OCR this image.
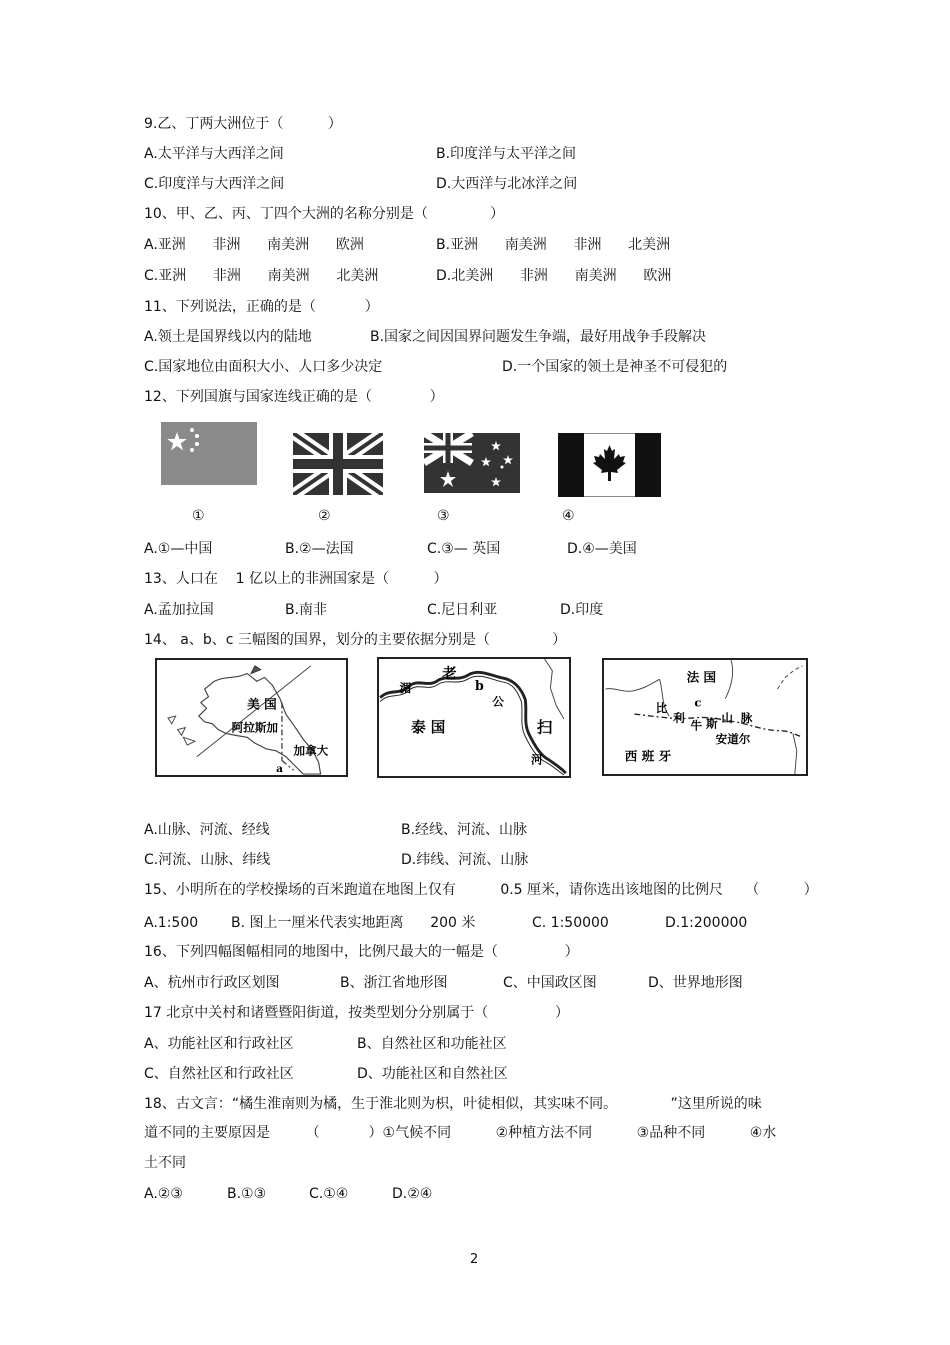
9.乙、丁两大洲位于（          ）
A.太平洋与大西洋之间	B.印度洋与太平洋之间
C.印度洋与大西洋之间	D.大西洋与北冰洋之间
10、甲、乙、丙、丁四个大洲的名称分别是（              ）
A.亚洲      非洲      南美洲      欧洲	B.亚洲      南美洲      非洲      北美洲
C.亚洲      非洲      南美洲      北美洲	D.北美洲      非洲      南美洲      欧洲
11、下列说法，正确的是（           ）
A.领土是国界线以内的陆地	B.国家之间因国界问题发生争端，最好用战争手段解决
C.国家地位由面积大小、人口多少决定	D.一个国家的领土是神圣不可侵犯的
12、下列国旗与国家连线正确的是（             ）
①	②	③	④
A.①—中国	B.②—法国	C.③— 英国	D.④—美国
13、人口在    1 亿以上的非洲国家是（          ）
A.孟加拉国	B.南非	C.尼日利亚	D.印度
14、 a、b、c 三幅图的国界，划分的主要依据分别是（              ）
美 国
阿拉斯加
加拿大
a
老
湄	b
公
泰 国	扫
河
法 国
c
比
利
牛 斯 山 脉
安道尔
西 班 牙
A.山脉、河流、经线	B.经线、河流、山脉
C.河流、山脉、纬线	D.纬线、河流、山脉
15、小明所在的学校操场的百米跑道在地图上仅有          0.5 厘米，请你选出该地图的比例尺     （          ）
A.1:500 B. 图上一厘米代表实地距离      200 米	C. 1:50000	D.1:200000
16、下列四幅图幅相同的地图中，比例尺最大的一幅是（               ）
A、杭州市行政区划图	B、浙江省地形图	C、中国政区图	D、世界地形图
17 北京中关村和诸暨暨阳街道，按类型划分分别属于（               ）
A、功能社区和行政社区	B、自然社区和功能社区
C、自然社区和行政社区	D、功能社区和自然社区
18、古文言：“橘生淮南则为橘，生于淮北则为枳，叶徒相似，其实味不同。            ”这里所说的味
道不同的主要原因是        （           ）①气候不同          ②种植方法不同          ③品种不同          ④水
土不同
A.②③	B.①③	C.①④	D.②④
2
